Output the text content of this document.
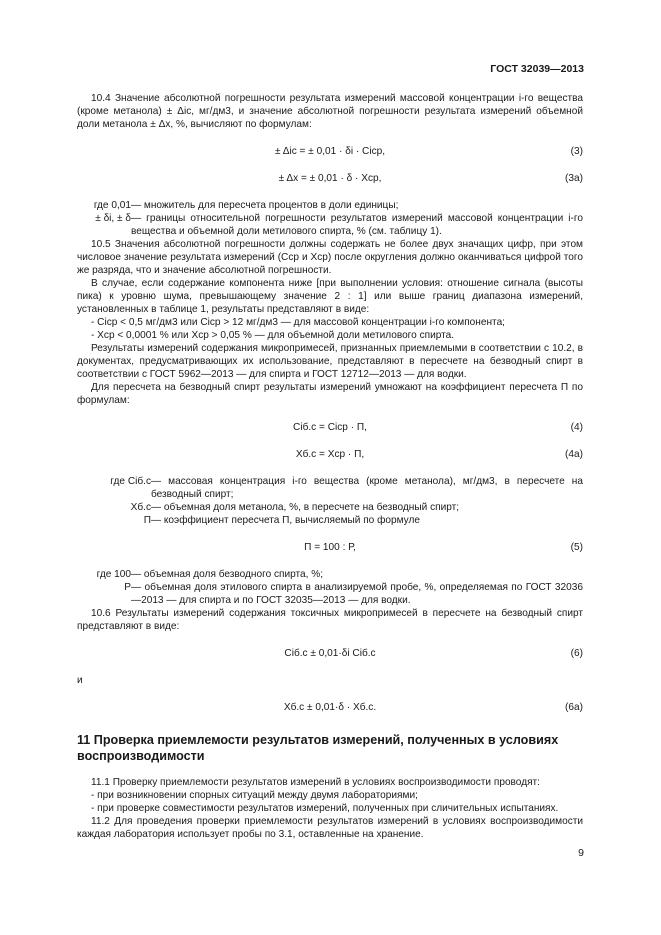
ГОСТ 32039—2013

10.4 Значение абсолютной погрешности результата измерений массовой концентрации i-го вещества (кроме метанола) ± Δic, мг/дм3, и значение абсолютной погрешности результата измерений объемной доли метанола ± Δx, %, вычисляют по формулам:

± Δic = ± 0,01 · δi · Cicp,	(3)
± Δx = ± 0,01 · δ · Xcp,	(3а)
где 0,01 — множитель для пересчета процентов в доли единицы;
± δi, ± δ — границы относительной погрешности результатов измерений массовой концентрации i-го вещества и объемной доли метилового спирта, % (см. таблицу 1).

10.5 Значения абсолютной погрешности должны содержать не более двух значащих цифр, при этом числовое значение результата измерений (Сср и Хср) после округления должно оканчиваться цифрой того же разряда, что и значение абсолютной погрешности.

В случае, если содержание компонента ниже [при выполнении условия: отношение сигнала (высоты пика) к уровню шума, превышающему значение 2 : 1] или выше границ диапазона измерений, установленных в таблице 1, результаты представляют в виде:

- Сicp < 0,5 мг/дм3 или Сicp > 12 мг/дм3 — для массовой концентрации i-го компонента;

- Хср < 0,0001 % или Хср > 0,05 % — для объемной доли метилового спирта.

Результаты измерений содержания микропримесей, признанных приемлемыми в соответствии с 10.2, в документах, предусматривающих их использование, представляют в пересчете на безводный спирт в соответствии с ГОСТ 5962—2013 — для спирта и ГОСТ 12712—2013 — для водки.

Для пересчета на безводный спирт результаты измерений умножают на коэффициент пересчета П по формулам:

Сiб.с = Сicp · П,	(4)
Хб.с = Хср · П,	(4а)
где Сiб.с — массовая концентрация i-го вещества (кроме метанола), мг/дм3, в пересчете на безводный спирт;
Хб.с — объемная доля метанола, %, в пересчете на безводный спирт;
П — коэффициент пересчета П, вычисляемый по формуле
П = 100 : Р,	(5)
где 100 — объемная доля безводного спирта, %;
Р — объемная доля этилового спирта в анализируемой пробе, %, определяемая по ГОСТ 32036—2013 — для спирта и по ГОСТ 32035—2013 — для водки.

10.6 Результаты измерений содержания токсичных микропримесей в пересчете на безводный спирт представляют в виде:

Сiб.с ± 0,01·δi Сiб.с	(6)

и

Хб.с ± 0,01·δ · Хб.с.	(6а)
11 Проверка приемлемости результатов измерений, полученных в условиях воспроизводимости

11.1 Проверку приемлемости результатов измерений в условиях воспроизводимости проводят:

- при возникновении спорных ситуаций между двумя лабораториями;

- при проверке совместимости результатов измерений, полученных при сличительных испытаниях.

11.2 Для проведения проверки приемлемости результатов измерений в условиях воспроизводимости каждая лаборатория использует пробы по 3.1, оставленные на хранение.

9
